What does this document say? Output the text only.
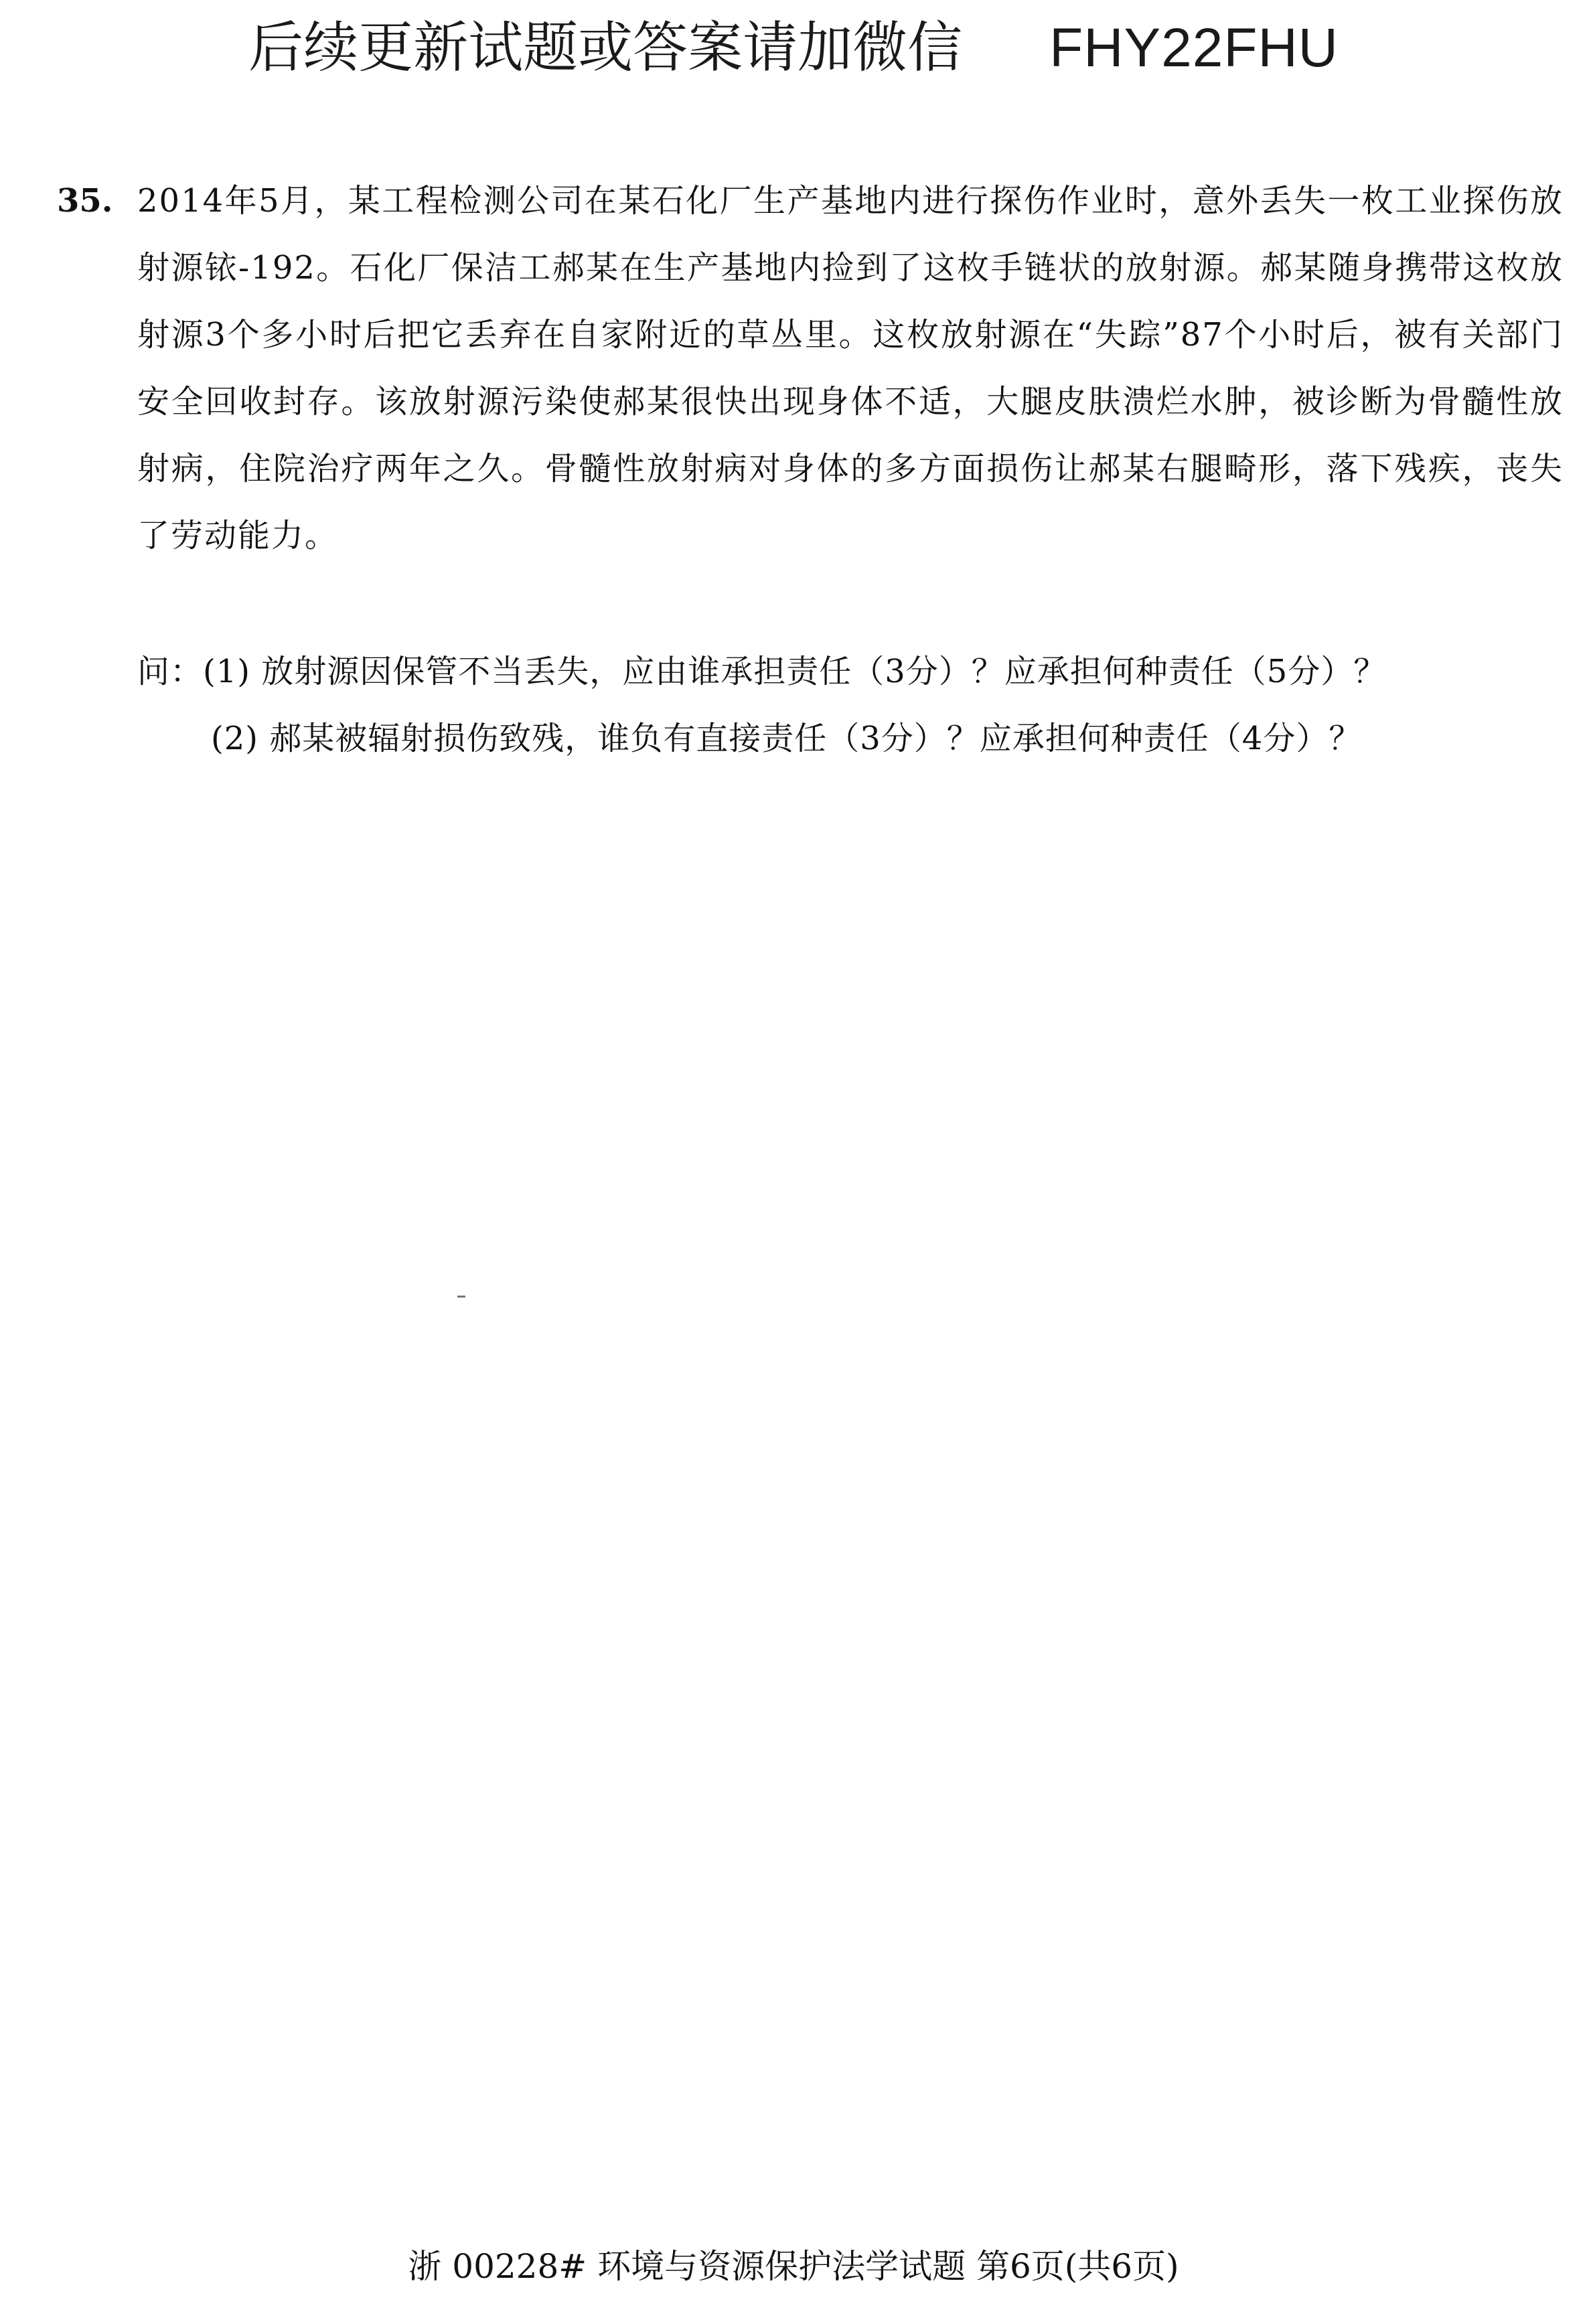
后续更新试题或答案请加微信 FHY22FHU
35. 2014年5月，某工程检测公司在某石化厂生产基地内进行探伤作业时，意外丢失一枚工业探伤放射源铱-192。石化厂保洁工郝某在生产基地内捡到了这枚手链状的放射源。郝某随身携带这枚放射源3个多小时后把它丢弃在自家附近的草丛里。这枚放射源在“失踪”87个小时后，被有关部门安全回收封存。该放射源污染使郝某很快出现身体不适，大腿皮肤溃烂水肿，被诊断为骨髓性放射病，住院治疗两年之久。骨髓性放射病对身体的多方面损伤让郝某右腿畸形，落下残疾，丧失了劳动能力。
问：(1) 放射源因保管不当丢失，应由谁承担责任（3分）？应承担何种责任（5分）？
(2) 郝某被辐射损伤致残，谁负有直接责任（3分）？应承担何种责任（4分）？
浙 00228# 环境与资源保护法学试题 第6页(共6页)
